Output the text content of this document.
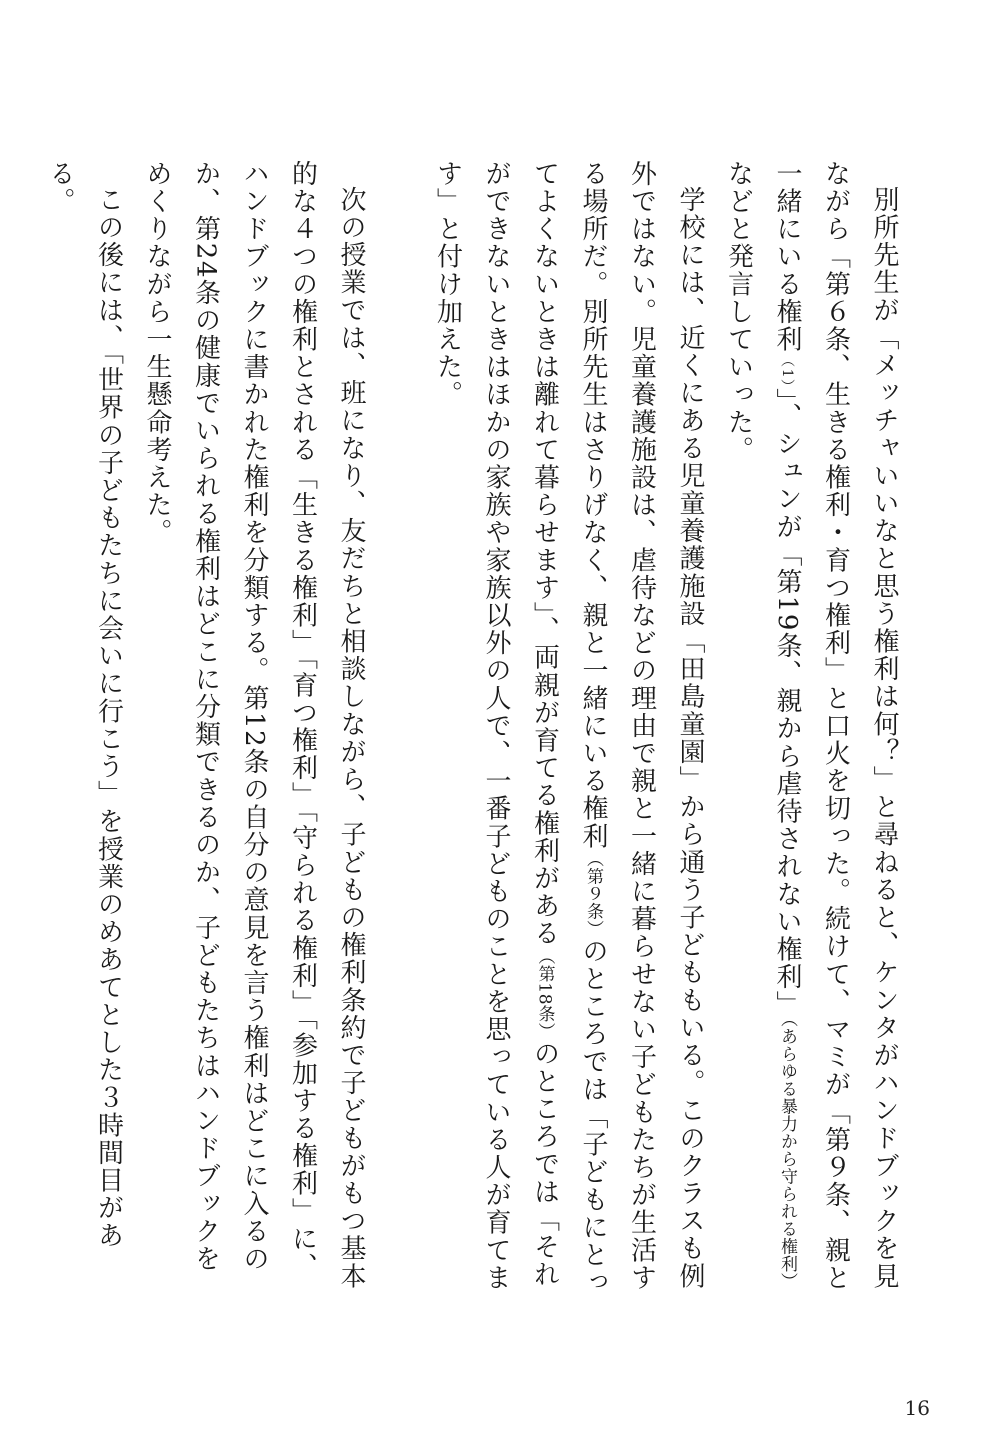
別所先生が「メッチャいいなと思う権利は何？」と尋ねると、ケンタがハンドブックを見ながら「第６条、生きる権利・育つ権利」と口火を切った。続けて、マミが「第９条、親と一緒にいる権利（1）」、シュンが「第19条、親から虐待されない権利」（あらゆる暴力から守られる権利）などと発言していった。

学校には、近くにある児童養護施設「田島童園」から通う子どももいる。このクラスも例外ではない。児童養護施設は、虐待などの理由で親と一緒に暮らせない子どもたちが生活する場所だ。別所先生はさりげなく、親と一緒にいる権利（第９条）のところでは「子どもにとってよくないときは離れて暮らせます」、両親が育てる権利がある（第18条）のところでは「それができないときはほかの家族や家族以外の人で、一番子どものことを思っている人が育てます」と付け加えた。

次の授業では、班になり、友だちと相談しながら、子どもの権利条約で子どもがもつ基本的な４つの権利とされる「生きる権利」「育つ権利」「守られる権利」「参加する権利」に、ハンドブックに書かれた権利を分類する。第12条の自分の意見を言う権利はどこに入るのか、第24条の健康でいられる権利はどこに分類できるのか、子どもたちはハンドブックをめくりながら一生懸命考えた。

この後には、「世界の子どもたちに会いに行こう」を授業のめあてとした３時間目がある。

16
